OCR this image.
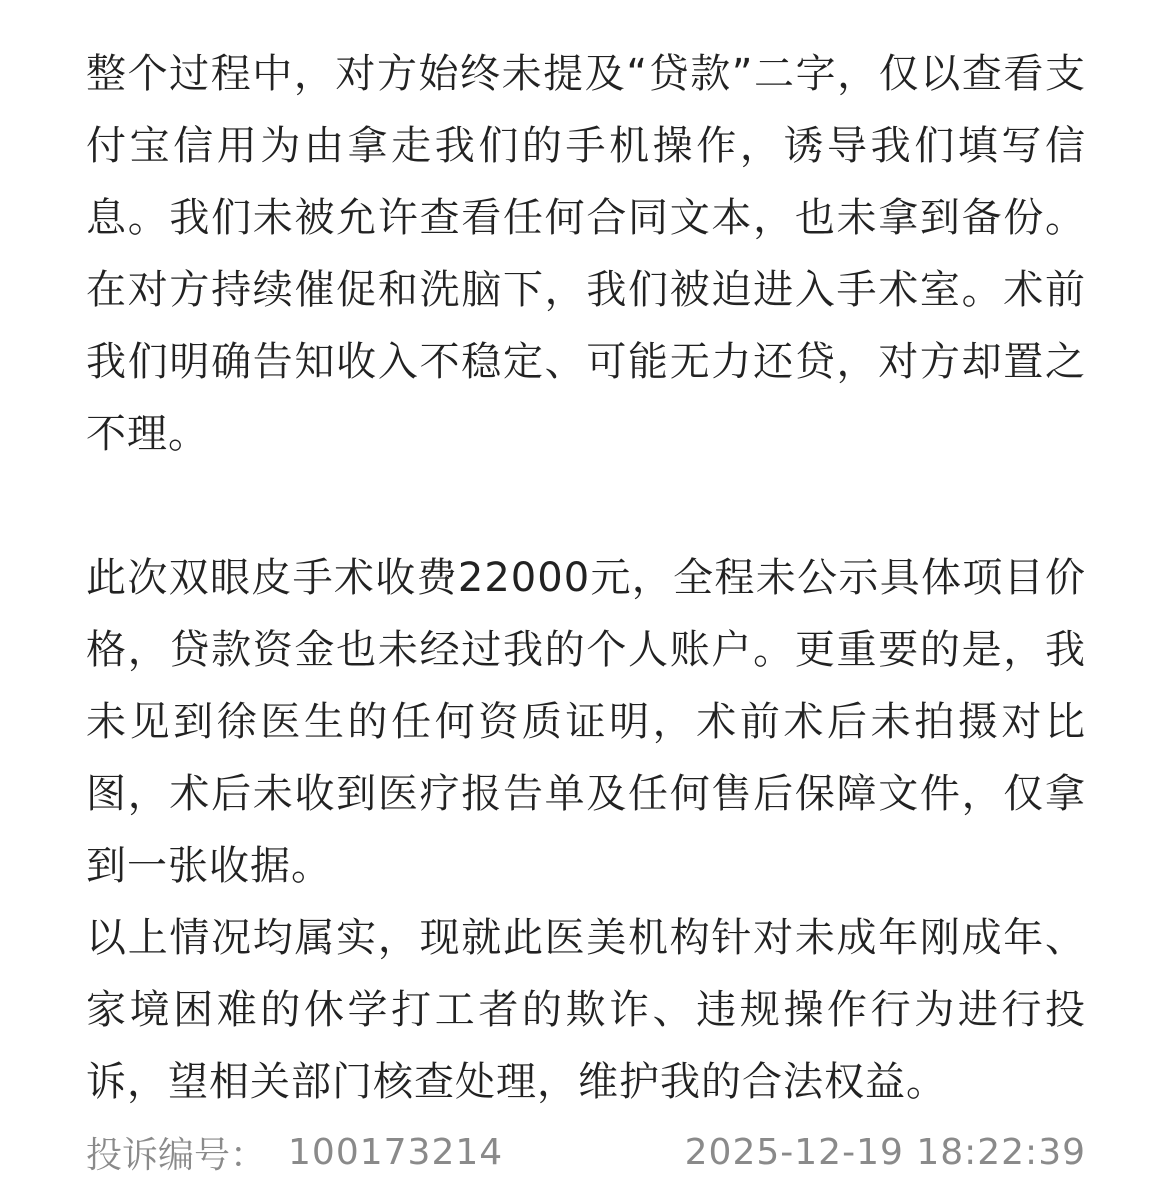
整个过程中，对方始终未提及“贷款”二字，仅以查看支付宝信用为由拿走我们的手机操作，诱导我们填写信息。我们未被允许查看任何合同文本，也未拿到备份。在对方持续催促和洗脑下，我们被迫进入手术室。术前我们明确告知收入不稳定、可能无力还贷，对方却置之不理。

此次双眼皮手术收费22000元，全程未公示具体项目价格，贷款资金也未经过我的个人账户。更重要的是，我未见到徐医生的任何资质证明，术前术后未拍摄对比图，术后未收到医疗报告单及任何售后保障文件，仅拿到一张收据。

以上情况均属实，现就此医美机构针对未成年刚成年、家境困难的休学打工者的欺诈、违规操作行为进行投诉，望相关部门核查处理，维护我的合法权益。

投诉编号： 100173214	2025-12-19 18:22:39
